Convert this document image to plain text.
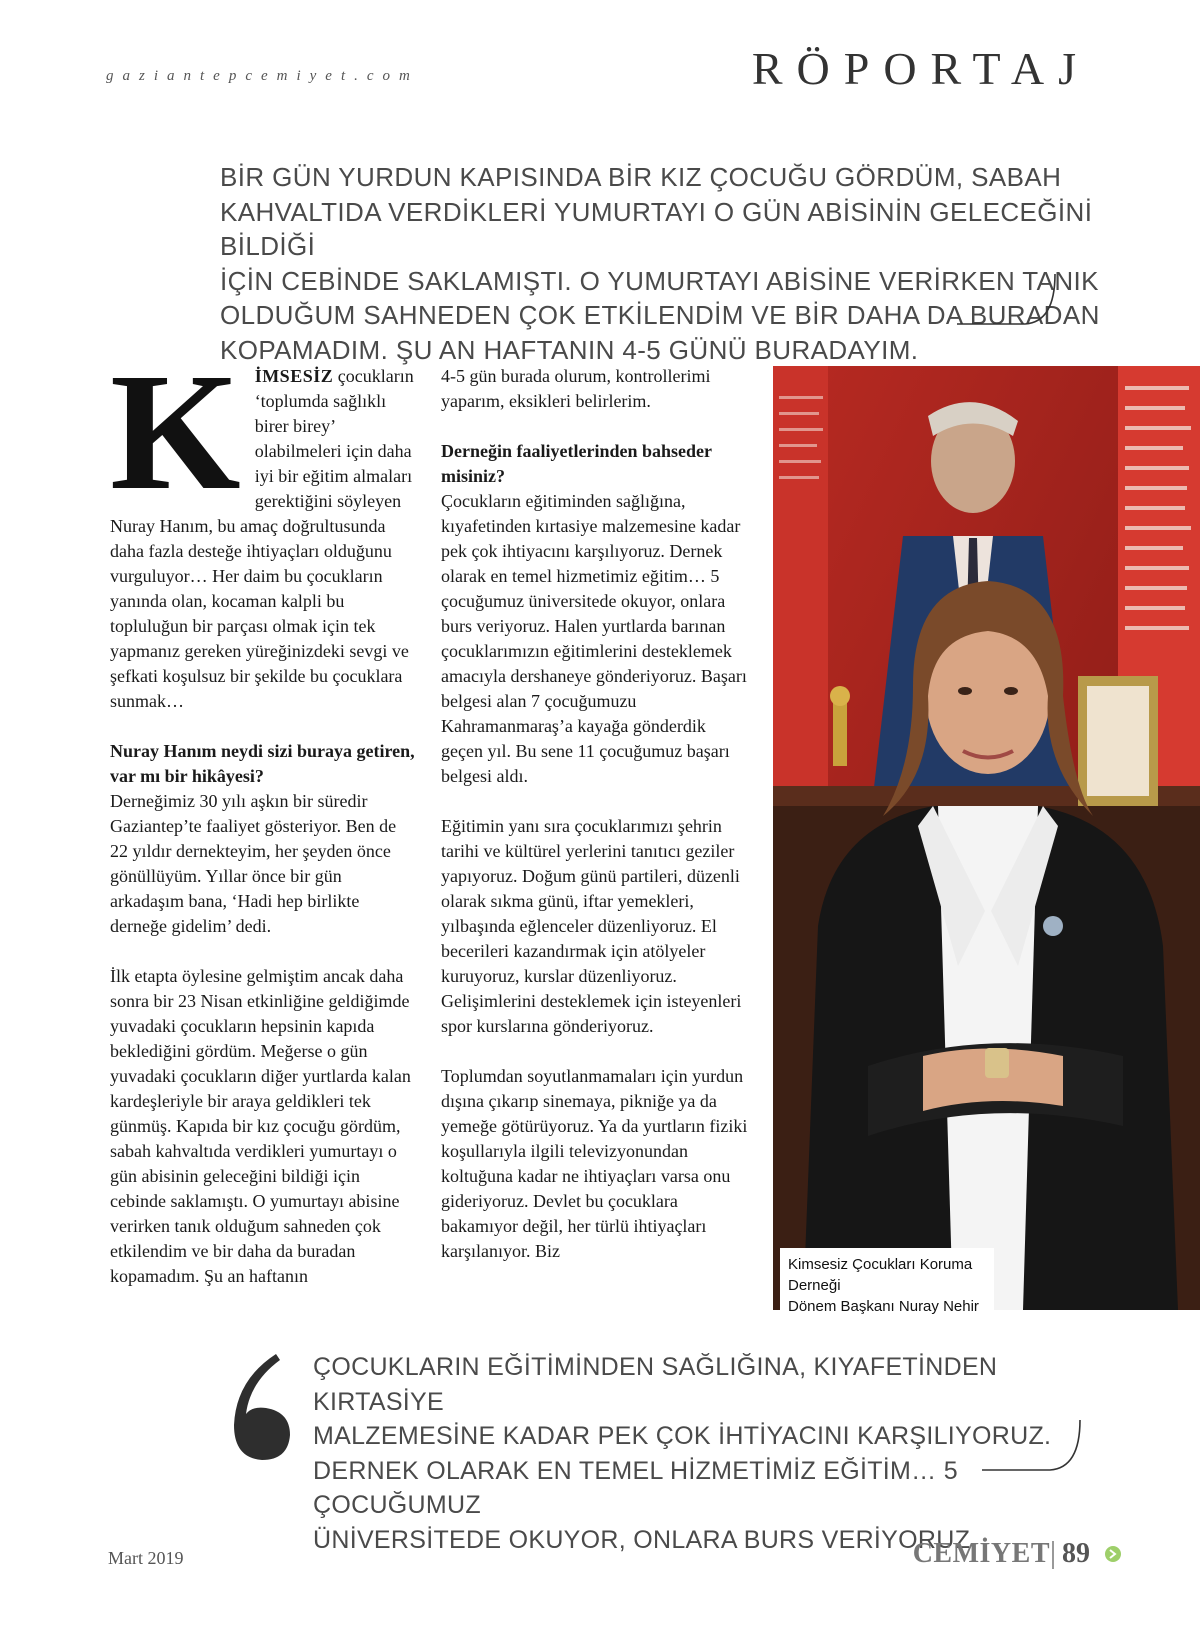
gaziantepcemiyet.com	RÖPORTAJ
BİR GÜN YURDUN KAPISINDA BİR KIZ ÇOCUĞU GÖRDÜM, SABAH
KAHVALTIDA VERDİKLERİ YUMURTAYI O GÜN ABİSİNİN GELECEĞİNİ BİLDİĞİ
İÇİN CEBİNDE SAKLAMIŞTI. O YUMURTAYI ABİSİNE VERİRKEN TANIK
OLDUĞUM SAHNEDEN ÇOK ETKİLENDİM VE BİR DAHA DA BURADAN
KOPAMADIM. ŞU AN HAFTANIN 4-5 GÜNÜ BURADAYIM.

KİMSESİZ çocukların ‘toplumda sağlıklı birer birey’ olabilmeleri için daha iyi bir eğitim almaları gerektiğini söyleyen Nuray Hanım, bu amaç doğrultusunda daha fazla desteğe ihtiyaçları olduğunu vurguluyor… Her daim bu çocukların yanında olan, kocaman kalpli bu topluluğun bir parçası olmak için tek yapmanız gereken yüreğinizdeki sevgi ve şefkati koşulsuz bir şekilde bu çocuklara sunmak…

Nuray Hanım neydi sizi buraya getiren, var mı bir hikâyesi?
Derneğimiz 30 yılı aşkın bir süredir Gaziantep’te faaliyet gösteriyor. Ben de 22 yıldır dernekteyim, her şeyden önce gönüllüyüm. Yıllar önce bir gün arkadaşım bana, ‘Hadi hep birlikte derneğe gidelim’ dedi.

İlk etapta öylesine gelmiştim ancak daha sonra bir 23 Nisan etkinliğine geldiğimde yuvadaki çocukların hepsinin kapıda beklediğini gördüm. Meğerse o gün yuvadaki çocukların diğer yurtlarda kalan kardeşleriyle bir araya geldikleri tek günmüş. Kapıda bir kız çocuğu gördüm, sabah kahvaltıda verdikleri yumurtayı o gün abisinin geleceğini bildiği için cebinde saklamıştı. O yumurtayı abisine verirken tanık olduğum sahneden çok etkilendim ve bir daha da buradan kopamadım. Şu an haftanın

4-5 gün burada olurum, kontrollerimi yaparım, eksikleri belirlerim.

Derneğin faaliyetlerinden bahseder misiniz?
Çocukların eğitiminden sağlığına, kıyafetinden kırtasiye malzemesine kadar pek çok ihtiyacını karşılıyoruz. Dernek olarak en temel hizmetimiz eğitim… 5 çocuğumuz üniversitede okuyor, onlara burs veriyoruz. Halen yurtlarda barınan çocuklarımızın eğitimlerini desteklemek amacıyla dershaneye gönderiyoruz. Başarı belgesi alan 7 çocuğumuzu Kahramanmaraş’a kayağa gönderdik geçen yıl. Bu sene 11 çocuğumuz başarı belgesi aldı.

Eğitimin yanı sıra çocuklarımızı şehrin tarihi ve kültürel yerlerini tanıtıcı geziler yapıyoruz. Doğum günü partileri, düzenli olarak sıkma günü, iftar yemekleri, yılbaşında eğlenceler düzenliyoruz. El becerileri kazandırmak için atölyeler kuruyoruz, kurslar düzenliyoruz. Gelişimlerini desteklemek için isteyenleri spor kurslarına gönderiyoruz.

Toplumdan soyutlanmamaları için yurdun dışına çıkarıp sinemaya, pikniğe ya da yemeğe götürüyoruz. Ya da yurtların fiziki koşullarıyla ilgili televizyonundan koltuğuna kadar ne ihtiyaçları varsa onu gideriyoruz. Devlet bu çocuklara bakamıyor değil, her türlü ihtiyaçları karşılanıyor. Biz

Kimsesiz Çocukları Koruma Derneği
Dönem Başkanı Nuray Nehir
ÇOCUKLARIN EĞİTİMİNDEN SAĞLIĞINA, KIYAFETİNDEN KIRTASİYE
MALZEMESİNE KADAR PEK ÇOK İHTİYACINI KARŞILIYORUZ.
DERNEK OLARAK EN TEMEL HİZMETİMİZ EĞİTİM… 5 ÇOCUĞUMUZ
ÜNİVERSİTEDE OKUYOR, ONLARA BURS VERİYORUZ.
Mart 2019	CEMİYET 89
